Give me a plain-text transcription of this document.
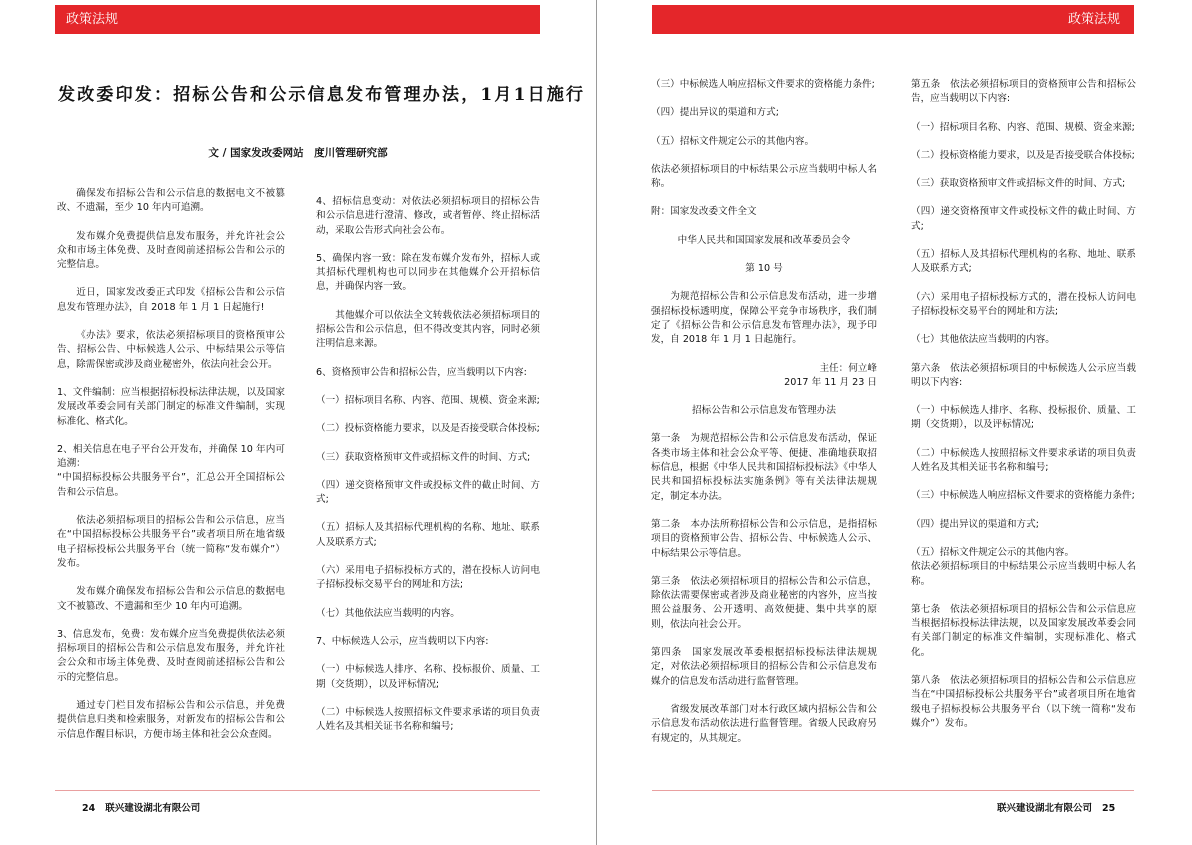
政策法规
发改委印发：招标公告和公示信息发布管理办法，1月1日施行
文 / 国家发改委网站　度川管理研究部

确保发布招标公告和公示信息的数据电文不被篡改、不遗漏，至少 10 年内可追溯。

发布媒介免费提供信息发布服务，并允许社会公众和市场主体免费、及时查阅前述招标公告和公示的完整信息。

近日，国家发改委正式印发《招标公告和公示信息发布管理办法》，自 2018 年 1 月 1 日起施行!

《办法》要求，依法必须招标项目的资格预审公告、招标公告、中标候选人公示、中标结果公示等信息，除需保密或涉及商业秘密外，依法向社会公开。

1、文件编制：应当根据招标投标法律法规，以及国家发展改革委会同有关部门制定的标准文件编制，实现标准化、格式化。

2、相关信息在电子平台公开发布，并确保 10 年内可追溯：

“中国招标投标公共服务平台”，汇总公开全国招标公告和公示信息。

依法必须招标项目的招标公告和公示信息，应当在“中国招标投标公共服务平台”或者项目所在地省级电子招标投标公共服务平台（统一简称“发布媒介”）发布。

发布媒介确保发布招标公告和公示信息的数据电文不被篡改、不遗漏和至少 10 年内可追溯。

3、信息发布，免费：发布媒介应当免费提供依法必须招标项目的招标公告和公示信息发布服务，并允许社会公众和市场主体免费、及时查阅前述招标公告和公示的完整信息。

通过专门栏目发布招标公告和公示信息，并免费提供信息归类和检索服务，对新发布的招标公告和公示信息作醒目标识，方便市场主体和社会公众查阅。

4、招标信息变动：对依法必须招标项目的招标公告和公示信息进行澄清、修改，或者暂停、终止招标活动，采取公告形式向社会公布。

5、确保内容一致：除在发布媒介发布外，招标人或其招标代理机构也可以同步在其他媒介公开招标信息，并确保内容一致。

其他媒介可以依法全文转载依法必须招标项目的招标公告和公示信息，但不得改变其内容，同时必须注明信息来源。

6、资格预审公告和招标公告，应当载明以下内容:

（一）招标项目名称、内容、范围、规模、资金来源;

（二）投标资格能力要求，以及是否接受联合体投标;

（三）获取资格预审文件或招标文件的时间、方式;

（四）递交资格预审文件或投标文件的截止时间、方式;

（五）招标人及其招标代理机构的名称、地址、联系人及联系方式;

（六）采用电子招标投标方式的，潜在投标人访问电子招标投标交易平台的网址和方法;

（七）其他依法应当载明的内容。

7、中标候选人公示，应当载明以下内容:

（一）中标候选人排序、名称、投标报价、质量、工期（交货期），以及评标情况;

（二）中标候选人按照招标文件要求承诺的项目负责人姓名及其相关证书名称和编号;

24 联兴建设湖北有限公司
政策法规

（三）中标候选人响应招标文件要求的资格能力条件;

（四）提出异议的渠道和方式;

（五）招标文件规定公示的其他内容。

依法必须招标项目的中标结果公示应当载明中标人名称。

附：国家发改委文件全文

中华人民共和国国家发展和改革委员会令

第 10 号

为规范招标公告和公示信息发布活动，进一步增强招标投标透明度，保障公平竞争市场秩序，我们制定了《招标公告和公示信息发布管理办法》，现予印发，自 2018 年 1 月 1 日起施行。

主任：何立峰

2017 年 11 月 23 日

招标公告和公示信息发布管理办法

第一条　为规范招标公告和公示信息发布活动，保证各类市场主体和社会公众平等、便捷、准确地获取招标信息，根据《中华人民共和国招标投标法》《中华人民共和国招标投标法实施条例》等有关法律法规规定，制定本办法。

第二条　本办法所称招标公告和公示信息，是指招标项目的资格预审公告、招标公告、中标候选人公示、中标结果公示等信息。

第三条　依法必须招标项目的招标公告和公示信息，除依法需要保密或者涉及商业秘密的内容外，应当按照公益服务、公开透明、高效便捷、集中共享的原则，依法向社会公开。

第四条　国家发展改革委根据招标投标法律法规规定，对依法必须招标项目的招标公告和公示信息发布媒介的信息发布活动进行监督管理。

省级发展改革部门对本行政区域内招标公告和公示信息发布活动依法进行监督管理。省级人民政府另有规定的，从其规定。

第五条　依法必须招标项目的资格预审公告和招标公告，应当载明以下内容:

（一）招标项目名称、内容、范围、规模、资金来源;

（二）投标资格能力要求，以及是否接受联合体投标;

（三）获取资格预审文件或招标文件的时间、方式;

（四）递交资格预审文件或投标文件的截止时间、方式;

（五）招标人及其招标代理机构的名称、地址、联系人及联系方式;

（六）采用电子招标投标方式的，潜在投标人访问电子招标投标交易平台的网址和方法;

（七）其他依法应当载明的内容。

第六条　依法必须招标项目的中标候选人公示应当载明以下内容:

（一）中标候选人排序、名称、投标报价、质量、工期（交货期），以及评标情况;

（二）中标候选人按照招标文件要求承诺的项目负责人姓名及其相关证书名称和编号;

（三）中标候选人响应招标文件要求的资格能力条件;

（四）提出异议的渠道和方式;

（五）招标文件规定公示的其他内容。

依法必须招标项目的中标结果公示应当载明中标人名称。

第七条　依法必须招标项目的招标公告和公示信息应当根据招标投标法律法规，以及国家发展改革委会同有关部门制定的标准文件编制，实现标准化、格式化。

第八条　依法必须招标项目的招标公告和公示信息应当在“中国招标投标公共服务平台”或者项目所在地省级电子招标投标公共服务平台（以下统一简称“发布媒介”）发布。

联兴建设湖北有限公司 25
